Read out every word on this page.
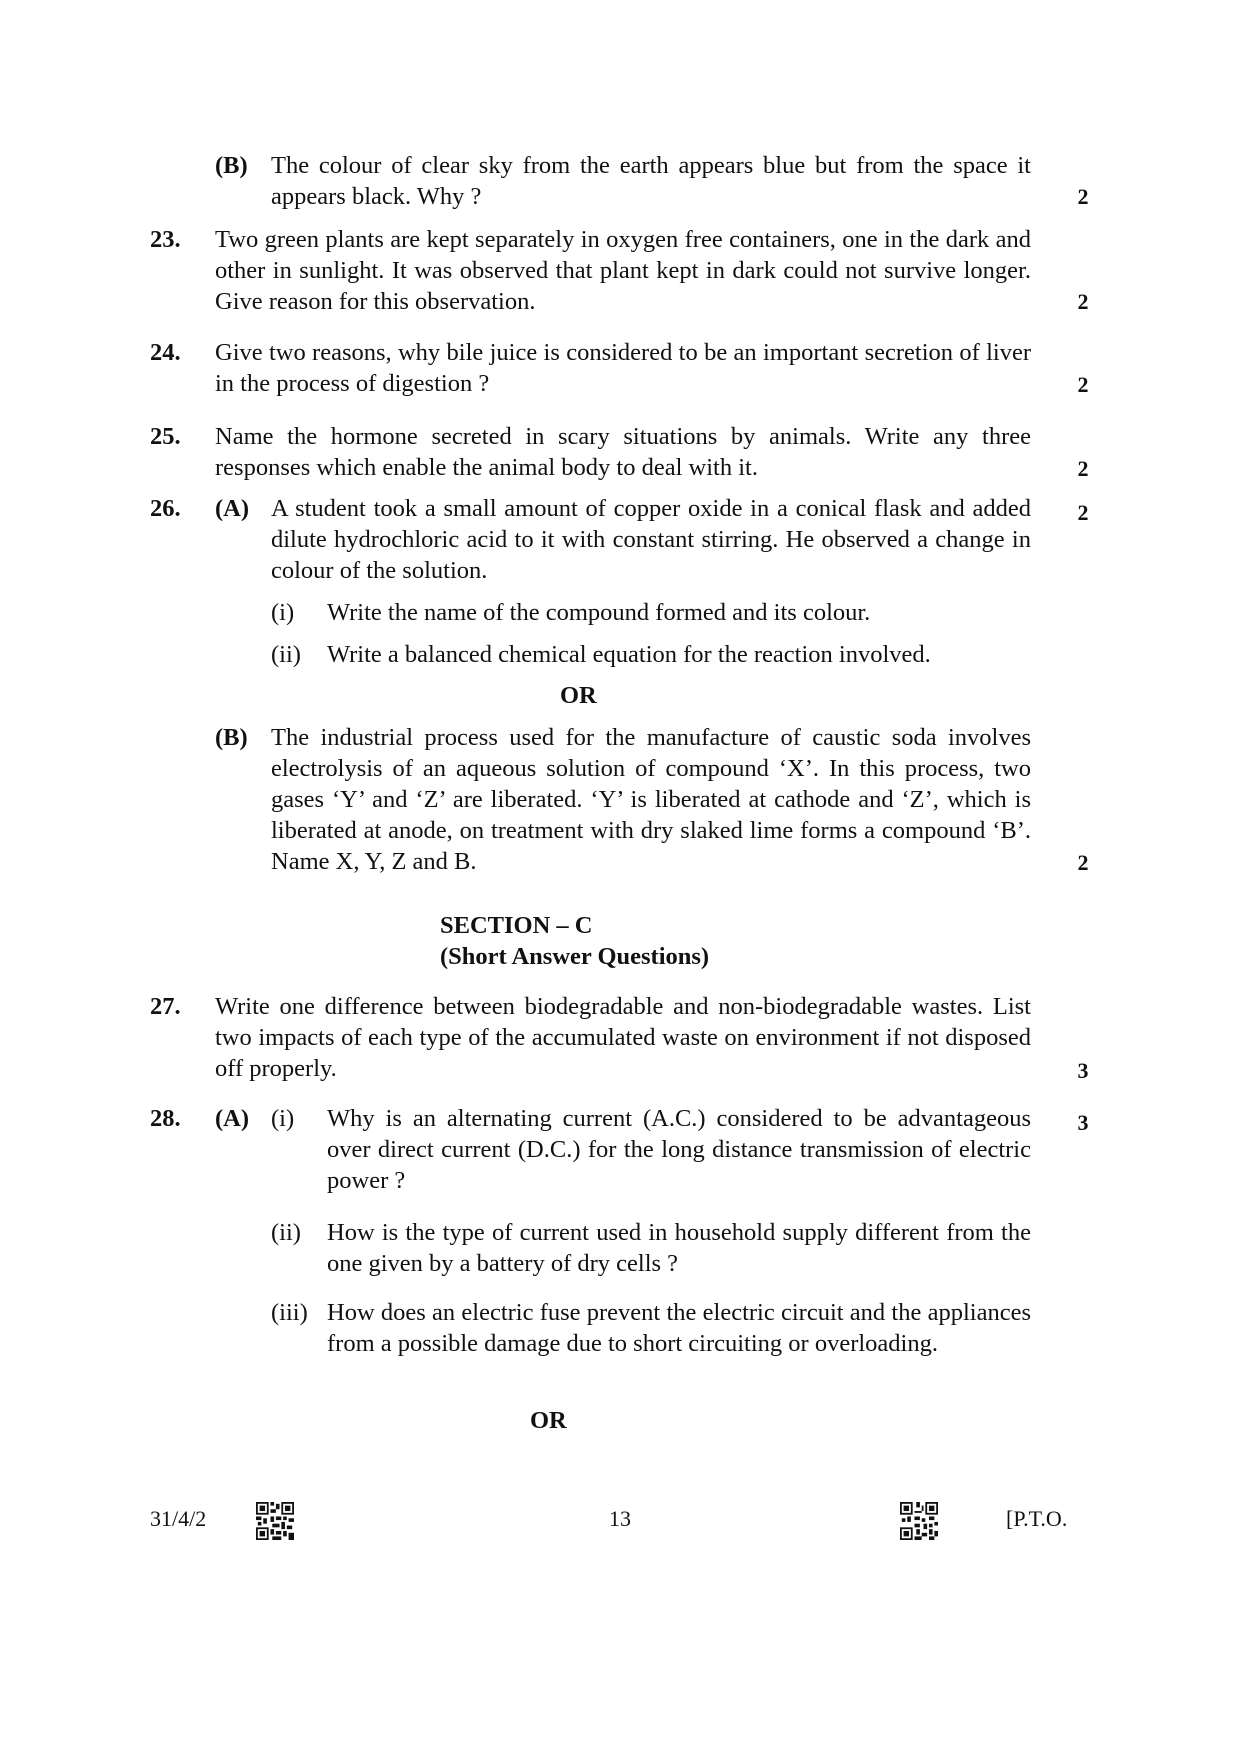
(B) The colour of clear sky from the earth appears blue but from the space it appears black. Why ?	2
23. Two green plants are kept separately in oxygen free containers, one in the dark and other in sunlight. It was observed that plant kept in dark could not survive longer. Give reason for this observation.	2
24. Give two reasons, why bile juice is considered to be an important secretion of liver in the process of digestion ?	2
25. Name the hormone secreted in scary situations by animals. Write any three responses which enable the animal body to deal with it.	2
26. (A) A student took a small amount of copper oxide in a conical flask and added dilute hydrochloric acid to it with constant stirring. He observed a change in colour of the solution.
2
(i) Write the name of the compound formed and its colour.
(ii) Write a balanced chemical equation for the reaction involved.
OR
(B) The industrial process used for the manufacture of caustic soda involves electrolysis of an aqueous solution of compound ‘X’. In this process, two gases ‘Y’ and ‘Z’ are liberated. ‘Y’ is liberated at cathode and ‘Z’, which is liberated at anode, on treatment with dry slaked lime forms a compound ‘B’. Name X, Y, Z and B.	2
SECTION – C
(Short Answer Questions)
27. Write one difference between biodegradable and non-biodegradable wastes. List two impacts of each type of the accumulated waste on environment if not disposed off properly.	3
28. (A) (i) Why is an alternating current (A.C.) considered to be advantageous over direct current (D.C.) for the long distance transmission of electric power ?
3
(ii) How is the type of current used in household supply different from the one given by a battery of dry cells ?
(iii) How does an electric fuse prevent the electric circuit and the appliances from a possible damage due to short circuiting or overloading.
OR
31/4/2	13	[P.T.O.
